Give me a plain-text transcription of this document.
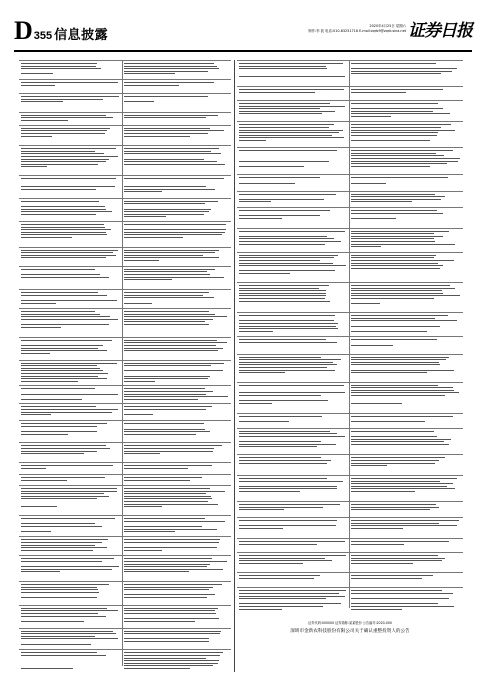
D 355 信息披露
2020年4月25日 星期六
制作:李 波 电话:010-83251716 E-mail:zqrb9@zqrb.sina.net 证券日报
证券代码:000000 证券简称:某某股份 公告编号:2020-000
深圳市金新农科技股份有限公司关于确认重整投资人的公告
